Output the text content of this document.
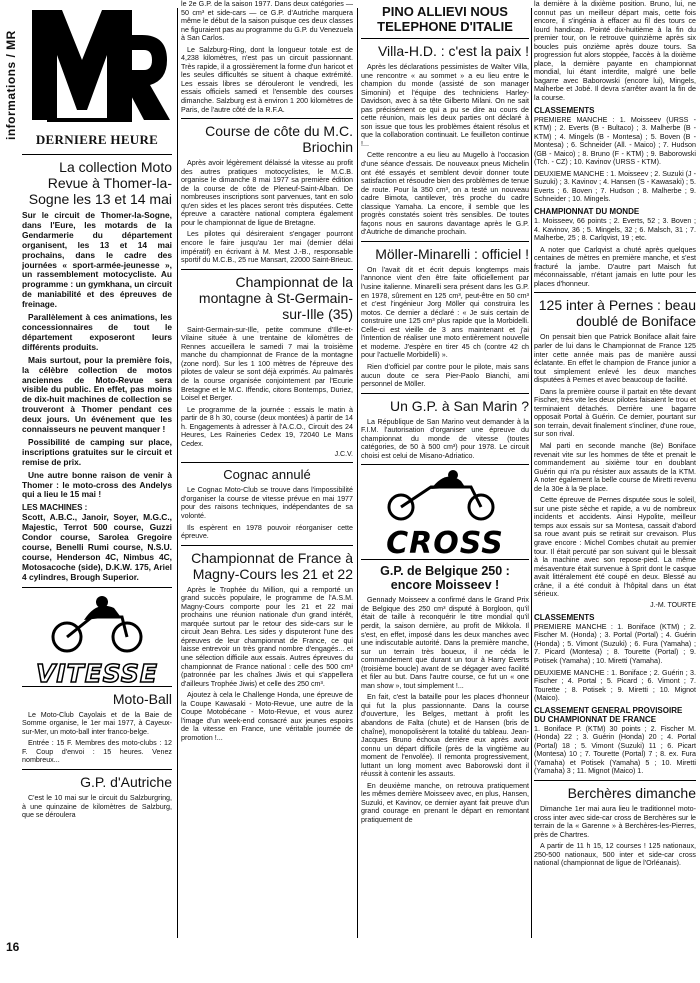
informations / MR
16
DERNIERE HEURE
La collection Moto Revue à Thomer-la-Sogne les 13 et 14 mai

Sur le circuit de Thomer-la-Sogne, dans l'Eure, les motards de la Gendarmerie du département organisent, les 13 et 14 mai prochains, dans le cadre des journées « sport-armée-jeunesse », un rassemblement motocycliste. Au programme : un gymkhana, un circuit de maniabilité et des épreuves de freinage.

Parallèlement à ces animations, les concessionnaires de tout le département exposeront leurs différents produits.

Mais surtout, pour la première fois, la célèbre collection de motos anciennes de Moto-Revue sera visible du public. En effet, pas moins de dix-huit machines de collection se trouveront à Thomer pendant ces deux jours. Un événement que les connaisseurs ne peuvent manquer !

Possibilité de camping sur place, inscriptions gratuites sur le circuit et remise de prix.

Une autre bonne raison de venir à Thomer : le moto-cross des Andelys qui a lieu le 15 mai !

LES MACHINES :

Scott, A.B.C., Janoir, Soyer, M.G.C., Majestic, Terrot 500 course, Guzzi Condor course, Sarolea Gregoire course, Benelli Rumi course, N.S.U. course, Henderson 4C, Nimbus 4C, Motosacoche (side), D.K.W. 175, Ariel 4 cylindres, Brough Superior.

VITESSE
Moto-Ball

Le Moto-Club Cayolais et de la Baie de Somme organise, le 1er mai 1977, à Cayeux-sur-Mer, un moto-ball inter franco-belge.

Entrée : 15 F. Membres des moto-clubs : 12 F. Coup d'envoi : 15 heures. Venez nombreux...

G.P. d'Autriche

C'est le 10 mai sur le circuit du Salzburgring, à une quinzaine de kilomètres de Salzburg, que se déroulera

le 2e G.P. de la saison 1977. Dans deux catégories — 50 cm³ et side-cars — ce G.P. d'Autriche marquera même le début de la saison puisque ces deux classes ne figuraient pas au programme du G.P. du Venezuela à San Carlos.

Le Salzburg-Ring, dont la longueur totale est de 4,238 kilomètres, n'est pas un circuit passionnant. Très rapide, il a grossièrement la forme d'un haricot et les seules difficultés se situent à chaque extrémité. Les essais libres se dérouleront le vendredi, les essais officiels samedi et l'ensemble des courses dimanche. Salzburg est à environ 1 200 kilomètres de Paris, de l'autre côté de la R.F.A.

Course de côte du M.C. Briochin

Après avoir légèrement délaissé la vitesse au profit des autres pratiques motocyclistes, le M.C.B. organise le dimanche 8 mai 1977 sa première édition de la course de côte de Pleneuf-Saint-Alban. De nombreuses inscriptions sont parvenues, tant en solo qu'en sides et les places seront très disputées. Cette épreuve a caractère national comptera également pour le championnat de ligue de Bretagne.

Les pilotes qui désireraient s'engager pourront encore le faire jusqu'au 1er mai (dernier délai impératif) en écrivant à M. Mest J.-B., responsable sportif du M.C.B., 25 rue Mansart, 22000 Saint-Brieuc.

Championnat de la montagne à St-Germain-sur-Ille (35)

Saint-Germain-sur-Ille, petite commune d'Ille-et-Vilaine située à une trentaine de kilomètres de Rennes accueillera le samedi 7 mai la troisième manche du championnat de France de la montagne (zone nord). Sur les 1 100 mètres de l'épreuve des pilotes de valeur se sont déjà exprimés. Au palmarès de la course organisée conjointement par l'Ecurie Bretagne et le M.C. Iffendic, citons Bontemps, Duriez, Loisel et Berger.

Le programme de la journée : essais le matin à partir de 8 h 30, course (deux montées) à partir de 14 h. Engagements à adresser à l'A.C.O., Circuit des 24 Heures, Les Raineries Cedex 19, 72040 Le Mans Cedex.

J.C.V.
Cognac annulé

Le Cognac Moto-Club se trouve dans l'impossibilité d'organiser la course de vitesse prévue en mai 1977 pour des raisons techniques, indépendantes de sa volonté.

Ils espèrent en 1978 pouvoir réorganiser cette épreuve.

Championnat de France à Magny-Cours les 21 et 22

Après le Trophée du Million, qui a remporté un grand succès populaire, le programme de l'A.S.M. Magny-Cours comporte pour les 21 et 22 mai prochains une réunion nationale d'un grand intérêt, marquée surtout par le retour des side-cars sur le circuit Jean Behra. Les sides y disputeront l'une des épreuves de leur championnat de France, ce qui laisse entrevoir un très grand nombre d'engagés... et une sélection difficile aux essais. Autres épreuves du championnat de France national : celle des 500 cm³ (patronnée par les chaînes Jiwis et qui s'appellera d'ailleurs Trophée Jiwis) et celle des 250 cm³.

Ajoutez à cela le Challenge Honda, une épreuve de la Coupe Kawasaki - Moto-Revue, une autre de la Coupe Motobécane - Moto-Revue, et vous aurez l'image d'un week-end consacré aux jeunes espoirs de la vitesse en France, une véritable journée de promotion !...

PINO ALLIEVI NOUS TELEPHONE D'ITALIE
Villa-H.D. : c'est la paix !

Après les déclarations pessimistes de Walter Villa, une rencontre « au sommet » a eu lieu entre le champion du monde (assisté de son manager Simonini) et l'équipe des techniciens Harley-Davidson, avec à sa tête Gilberto Milani. On ne sait pas précisément ce qui a pu se dire au cours de cette réunion, mais les deux parties ont déclaré à son issue que tous les problèmes étaient résolus et que la collaboration continuait. Le feuilleton continue !...

Cette rencontre a eu lieu au Mugello à l'occasion d'une séance d'essais. De nouveaux pneus Michelin ont été essayés et semblent devoir donner toute satisfaction et résoudre bien des problèmes de tenue de route. Pour la 350 cm³, on a testé un nouveau cadre Bimota, cantilever, très proche du cadre classique Yamaha. La encore, il semble que les progrès constatés soient très sensibles. De toutes façons nous en saurons davantage après le G.P. d'Autriche de dimanche prochain.

Möller-Minarelli : officiel !

On l'avait dit et écrit depuis longtemps mais l'annonce vient d'en être faite officiellement par l'usine italienne. Minarelli sera présent dans les G.P. en 1978, sûrement en 125 cm³, peut-être en 50 cm³ et c'est l'ingénieur Jorg Möller qui construira les motos. Ce dernier a déclaré : « Je suis certain de construire une 125 cm³ plus rapide que la Morbidelli. Celle-ci est vieille de 3 ans maintenant et j'ai l'intention de réaliser une moto entièrement nouvelle et moderne. J'espère en tirer 45 ch (contre 42 ch pour l'actuelle Morbidelli) ».

Rien d'officiel par contre pour le pilote, mais sans aucun doute ce sera Pier-Paolo Bianchi, ami personnel de Möller.

Un G.P. à San Marin ?

La République de San Marino veut demander à la F.I.M. l'autorisation d'organiser une épreuve du championnat du monde de vitesse (toutes catégories, de 50 à 500 cm³) pour 1978. Le circuit choisi est celui de Misano-Adriatico.

CROSS
G.P. de Belgique 250 : encore Moisseev !

Gennady Moisseev a confirmé dans le Grand Prix de Belgique des 250 cm³ disputé à Borgloon, qu'il était de taille à reconquérir le titre mondial qu'il perdit, la saison dernière, au profit de Mikkola. Il s'est, en effet, imposé dans les deux manches avec une indiscutable autorité. Dans la première manche, sur un terrain très boueux, il ne céda le commandement que durant un tour à Harry Everts (troisième boucle) avant de se dégager avec facilité et filer au but. Dans l'autre course, ce fut un « one man show », tout simplement !...

En fait, c'est la bataille pour les places d'honneur qui fut la plus passionnante. Dans la course d'ouverture, les Belges, mettant à profit les abandons de Falta (chute) et de Hansen (bris de chaîne), monopolisèrent la totalité du tableau. Jean-Jacques Bruno échoua derrière eux après avoir connu un départ difficile (près de la vingtième au moment de l'envolée). Il remonta progressivement, luttant un long moment avec Baborowski dont il réussit à contenir les assauts.

En deuxième manche, on retrouva pratiquement les mêmes derrière Moisseev avec, en plus, Hansen, Suzuki, et Kavinov, ce dernier ayant fait preuve d'un grand courage en prenant le départ en remontant pratiquement de

la dernière à la dixième position. Bruno, lui, ne connut pas un meilleur départ mais, cette fois encore, il s'ingénia à effacer au fil des tours ce lourd handicap. Pointé dix-huitième à la fin du premier tour, on le retrouve quinzième après six boucles puis onzième après douze tours. Sa progression fut alors stoppée, l'accès à la dixième place, la dernière payante en championnat mondial, lui étant interdite, malgré une belle bagarre avec Baborowski (encore lui), Mingels, Malherbe et Jobé. Il devra s'arrêter avant la fin de la course.

CLASSEMENTS

PREMIERE MANCHE : 1. Moisseev (URSS - KTM) ; 2. Everts (B - Bultaco) ; 3. Malherbe (B - KTM) ; 4. Mingels (B - Montesa) ; 5. Boven (B - Montesa) ; 6. Schneider (All. - Maico) ; 7. Hudson (GB - Maico) ; 8. Bruno (F - KTM) ; 9. Baborowski (Tch. - CZ) ; 10. Kavinov (URSS - KTM).

DEUXIEME MANCHE : 1. Moisseev ; 2. Suzuki (J - Suzuki) ; 3. Kavinov ; 4. Hansen (S - Kawasaki) ; 5. Everts ; 6. Boven ; 7. Hudson ; 8. Malherbe ; 9. Schneider ; 10. Mingels.

CHAMPIONNAT DU MONDE

1. Moisseev, 66 points ; 2. Everts, 52 ; 3. Boven ; 4. Kavinov, 36 ; 5. Mingels, 32 ; 6. Malsch, 31 ; 7. Malherbe, 25 ; 8. Carlqvist, 19 ; etc.

A noter que Carlqvist a chuté après quelques centaines de mètres en première manche, et s'est fracturé la jambe. D'autre part Maisch fut méconnaissable, n'étant jamais en lutte pour les places d'honneur.

125 inter à Pernes : beau doublé de Boniface

On pensait bien que Patrick Boniface allait faire parler de lui dans le Championnat de France 125 inter cette année mais pas de manière aussi éclatante. En effet le champion de France junior a tout simplement enlevé les deux manches disputées à Pernes et avec beaucoup de facilité.

Dans la première course il partait en tête devant Fischer, très vite les deux pilotes faisaient le trou et terminaient détachés. Derrière une bagarre opposait Portal à Guérin. Ce dernier, pourtant sur son terrain, devait finalement s'incliner, d'une roue, sur son rival.

Mal parti en seconde manche (8e) Boniface revenait vite sur les hommes de tête et prenait le commandement au sixième tour en doublant Guérin qui n'a pu résister aux assauts de la KTM. A noter également la belle course de Miretti revenu de la 30e à la 9e place.

Cette épreuve de Pernes disputée sous le soleil, sur une piste sèche et rapide, a vu de nombreux incidents et accidents. Ainsi Hypolite, meilleur temps aux essais sur sa Montesa, cassait d'abord sa roue avant puis se retirait sur crevaison. Plus grave encore : Michel Combes chutait au premier tour. Il était percuté par son suivant qui le blessait à la machine avec son repose-pied. La même mésaventure était survenue à Sprit dont le casque avait littéralement été coupé en deux. Blessé au crâne, il a été conduit à l'hôpital dans un état sérieux.

J.-M. TOURTE
CLASSEMENTS

PREMIERE MANCHE : 1. Boniface (KTM) ; 2. Fischer M. (Honda) ; 3. Portal (Portal) ; 4. Guérin (Honda) ; 5. Vimont (Suzuki) ; 6. Fura (Yamaha) ; 7. Picard (Montesa) ; 8. Tourette (Portal) ; 9. Potisek (Yamaha) ; 10. Miretti (Yamaha).

DEUXIEME MANCHE : 1. Boniface ; 2. Guérin ; 3. Fischer ; 4. Portal ; 5. Picard ; 6. Vimont ; 7. Tourette ; 8. Potisek ; 9. Miretti ; 10. Mignot (Maico).

CLASSEMENT GENERAL PROVISOIRE DU CHAMPIONNAT DE FRANCE

1. Boniface P. (KTM) 30 points ; 2. Fischer M. (Honda) 22 ; 3. Guérin (Honda) 20 ; 4. Portal (Portal) 18 ; 5. Vimont (Suzuki) 11 ; 6. Picart (Montesa) 10 ; 7. Tourette (Portal) 7 ; 8. ex. Fura (Yamaha) et Potisek (Yamaha) 5 ; 10. Miretti (Yamaha) 3 ; 11. Mignot (Maico) 1.

Berchères dimanche

Dimanche 1er mai aura lieu le traditionnel moto-cross inter avec side-car cross de Berchères sur le terrain de la « Garenne » à Berchères-les-Pierres, près de Chartres.

A partir de 11 h 15, 12 courses ! 125 nationaux, 250-500 nationaux, 500 inter et side-car cross national (championnat de ligue de l'Orléanais).
